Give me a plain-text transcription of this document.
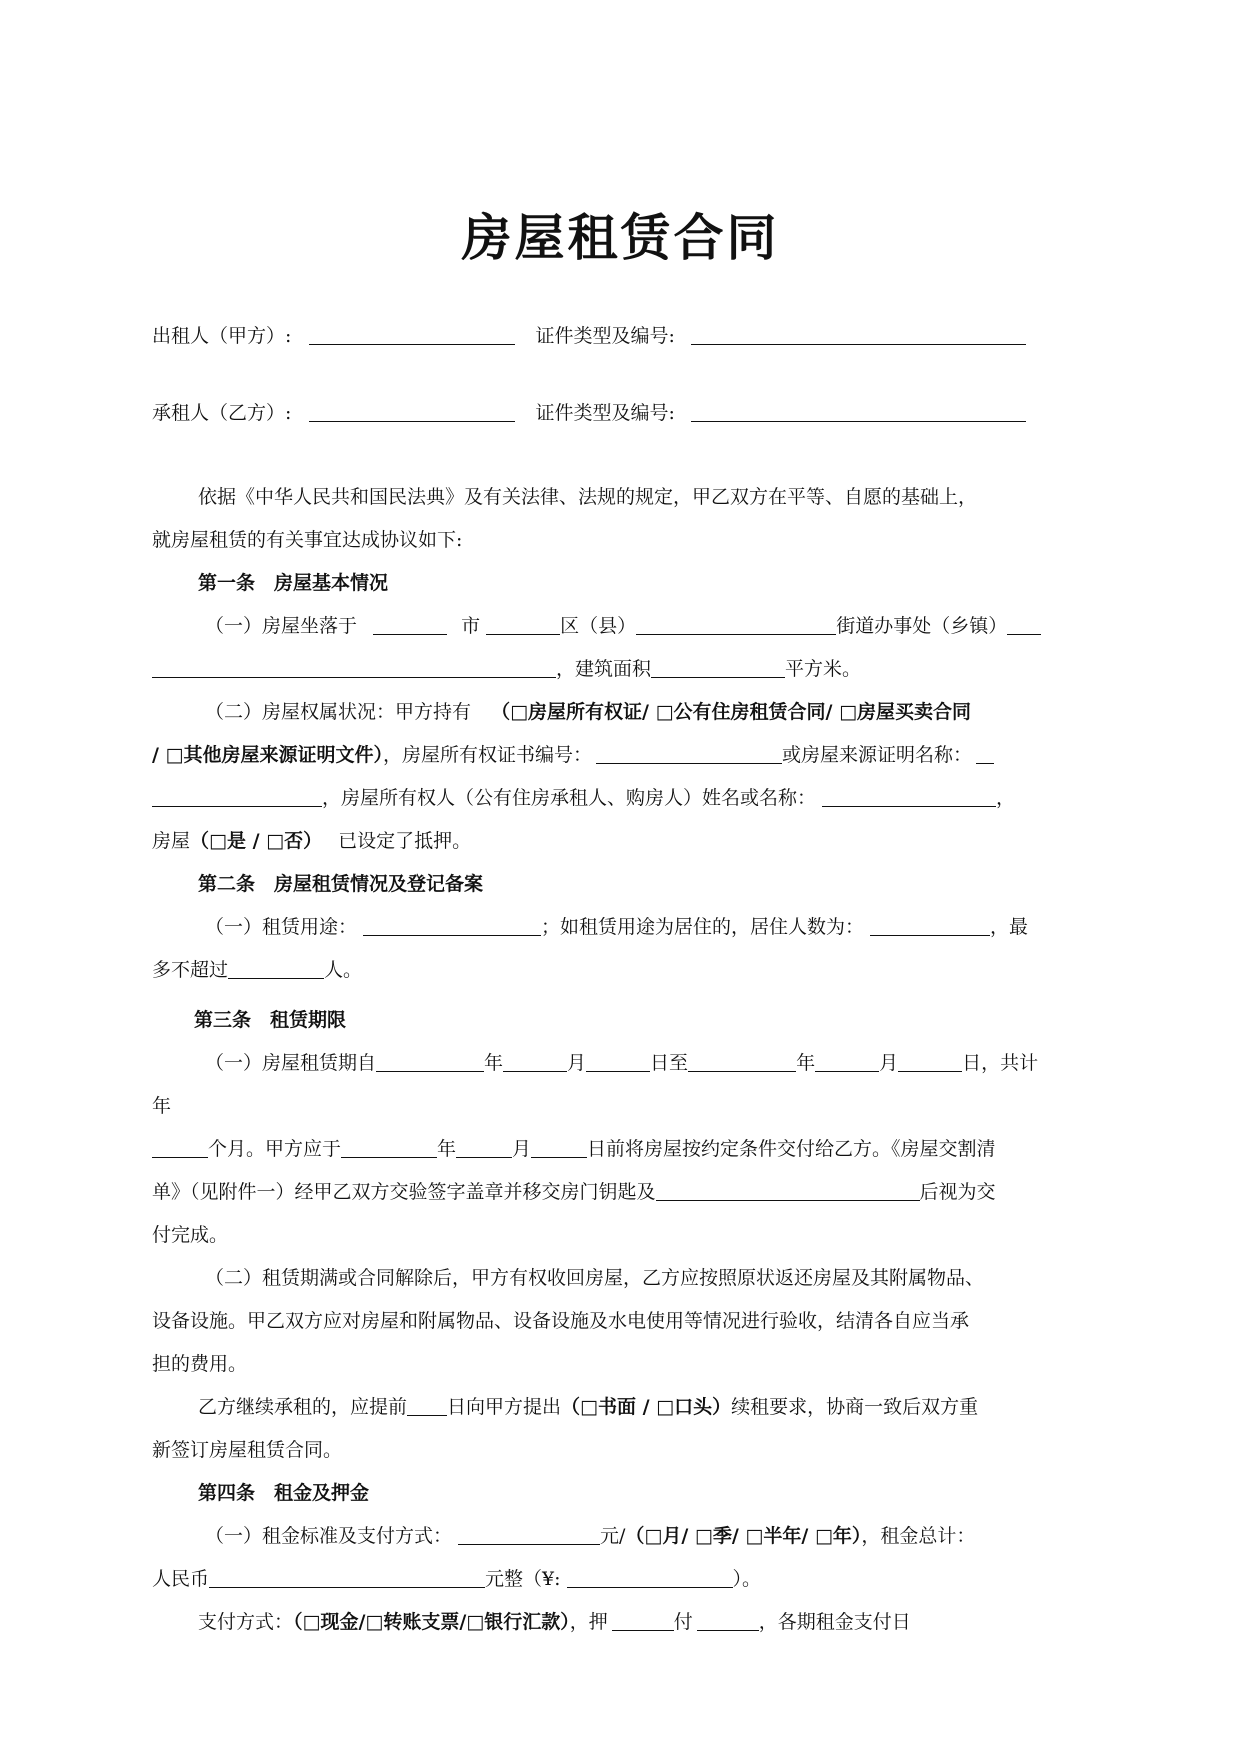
房屋租赁合同
出租人（甲方）:	证件类型及编号:
承租人（乙方）:	证件类型及编号:
依据《中华人民共和国民法典》及有关法律、法规的规定，甲乙双方在平等、自愿的基础上，
就房屋租赁的有关事宜达成协议如下:
第一条　房屋基本情况
（一）房屋坐落于	市	区（县）	街道办事处（乡镇）
，建筑面积	平方米。
（二）房屋权属状况：甲方持有 （□房屋所有权证/ □公有住房租赁合同/ □房屋买卖合同
/ □其他房屋来源证明文件），房屋所有权证书编号：	或房屋来源证明名称：
，房屋所有权人（公有住房承租人、购房人）姓名或名称：	，
房屋（□是 / □否） 已设定了抵押。
第二条　房屋租赁情况及登记备案
（一）租赁用途：	；如租赁用途为居住的，居住人数为：	，最
多不超过	人。
第三条　租赁期限
（一）房屋租赁期自	年	月	日至	年	月	日，共计
年
个月。甲方应于	年	月	日前将房屋按约定条件交付给乙方。《房屋交割清
单》（见附件一）经甲乙双方交验签字盖章并移交房门钥匙及	后视为交
付完成。
（二）租赁期满或合同解除后，甲方有权收回房屋，乙方应按照原状返还房屋及其附属物品、
设备设施。甲乙双方应对房屋和附属物品、设备设施及水电使用等情况进行验收，结清各自应当承
担的费用。
乙方继续承租的，应提前 日向甲方提出（□书面 / □口头）续租要求，协商一致后双方重
新签订房屋租赁合同。
第四条　租金及押金
（一）租金标准及支付方式：	元/（□月/ □季/ □半年/ □年），租金总计：
人民币	元整（¥:	）。
支付方式：（□现金/□转账支票/□银行汇款），押	付	，各期租金支付日
